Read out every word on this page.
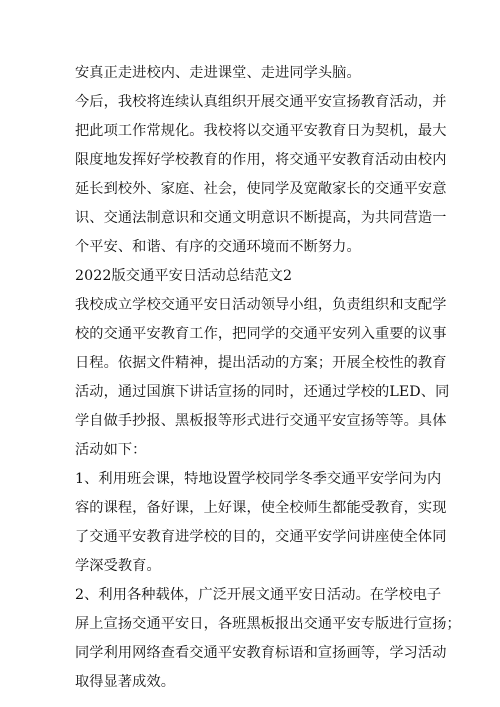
安真正走进校内、走进课堂、走进同学头脑。
今后，我校将连续认真组织开展交通平安宣扬教育活动，并
把此项工作常规化。我校将以交通平安教育日为契机，最大
限度地发挥好学校教育的作用，将交通平安教育活动由校内
延长到校外、家庭、社会，使同学及宽敞家长的交通平安意
识、交通法制意识和交通文明意识不断提高，为共同营造一
个平安、和谐、有序的交通环境而不断努力。
2022版交通平安日活动总结范文2
我校成立学校交通平安日活动领导小组，负责组织和支配学
校的交通平安教育工作，把同学的交通平安列入重要的议事
日程。依据文件精神，提出活动的方案；开展全校性的教育
活动，通过国旗下讲话宣扬的同时，还通过学校的LED、同
学自做手抄报、黑板报等形式进行交通平安宣扬等等。具体
活动如下：
1、利用班会课，特地设置学校同学冬季交通平安学问为内
容的课程，备好课，上好课，使全校师生都能受教育，实现
了交通平安教育进学校的目的，交通平安学问讲座使全体同
学深受教育。
2、利用各种载体，广泛开展文通平安日活动。在学校电子
屏上宣扬交通平安日，各班黑板报出交通平安专版进行宣扬；
同学利用网络查看交通平安教育标语和宣扬画等，学习活动
取得显著成效。
